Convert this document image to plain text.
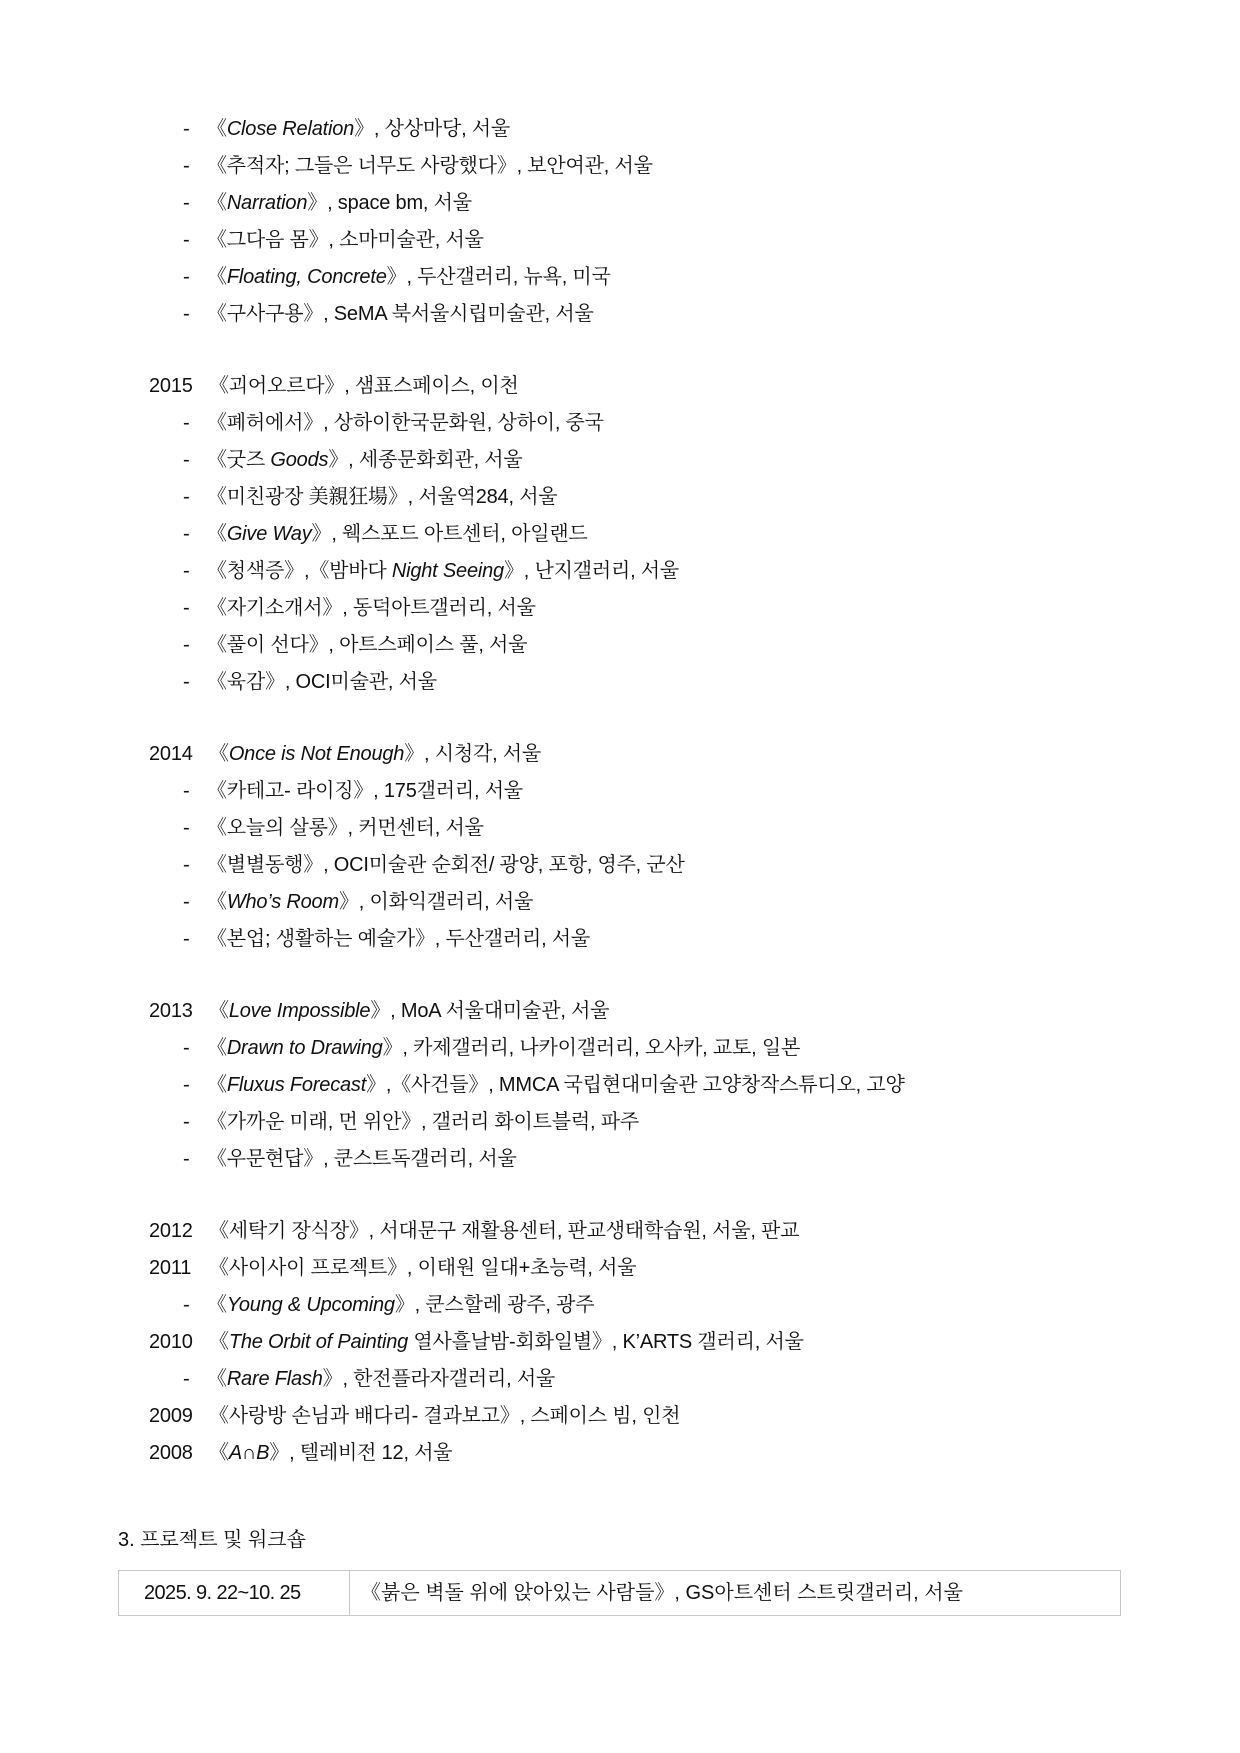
- 《Close Relation》, 상상마당, 서울
- 《추적자; 그들은 너무도 사랑했다》, 보안여관, 서울
- 《Narration》, space bm, 서울
- 《그다음 몸》, 소마미술관, 서울
- 《Floating, Concrete》, 두산갤러리, 뉴욕, 미국
- 《구사구용》, SeMA 북서울시립미술관, 서울
2015 《괴어오르다》, 샘표스페이스, 이천
- 《폐허에서》, 상하이한국문화원, 상하이, 중국
- 《굿즈 Goods》, 세종문화회관, 서울
- 《미친광장 美親狂場》, 서울역284, 서울
- 《Give Way》, 웩스포드 아트센터, 아일랜드
- 《청색증》,《밤바다 Night Seeing》, 난지갤러리, 서울
- 《자기소개서》, 동덕아트갤러리, 서울
- 《풀이 선다》, 아트스페이스 풀, 서울
- 《육감》, OCI미술관, 서울
2014 《Once is Not Enough》, 시청각, 서울
- 《카테고- 라이징》, 175갤러리, 서울
- 《오늘의 살롱》, 커먼센터, 서울
- 《별별동행》, OCI미술관 순회전/ 광양, 포항, 영주, 군산
- 《Who’s Room》, 이화익갤러리, 서울
- 《본업; 생활하는 예술가》, 두산갤러리, 서울
2013 《Love Impossible》, MoA 서울대미술관, 서울
- 《Drawn to Drawing》, 카제갤러리, 나카이갤러리, 오사카, 교토, 일본
- 《Fluxus Forecast》,《사건들》, MMCA 국립현대미술관 고양창작스튜디오, 고양
- 《가까운 미래, 먼 위안》, 갤러리 화이트블럭, 파주
- 《우문현답》, 쿤스트독갤러리, 서울
2012 《세탁기 장식장》, 서대문구 재활용센터, 판교생태학습원, 서울, 판교
2011 《사이사이 프로젝트》, 이태원 일대+초능력, 서울
- 《Young & Upcoming》, 쿤스할레 광주, 광주
2010 《The Orbit of Painting 열사흘날밤-회화일별》, K’ARTS 갤러리, 서울
- 《Rare Flash》, 한전플라자갤러리, 서울
2009 《사랑방 손님과 배다리- 결과보고》, 스페이스 빔, 인천
2008 《A∩B》, 텔레비전 12, 서울
3. 프로젝트 및 워크숍
2025. 9. 22~10. 25	《붉은 벽돌 위에 앉아있는 사람들》, GS아트센터 스트릿갤러리, 서울
